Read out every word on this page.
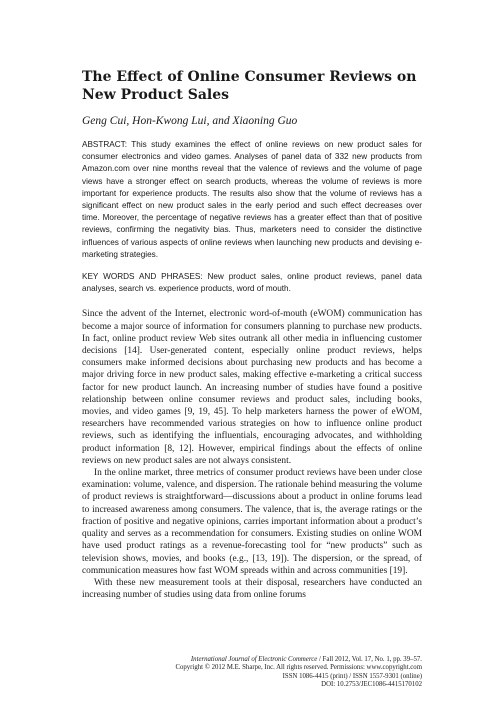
The Effect of Online Consumer Reviews on New Product Sales
Geng Cui, Hon-Kwong Lui, and Xiaoning Guo

ABSTRACT: This study examines the effect of online reviews on new product sales for consumer electronics and video games. Analyses of panel data of 332 new products from Amazon.com over nine months reveal that the valence of reviews and the volume of page views have a stronger effect on search products, whereas the volume of reviews is more important for experience products. The results also show that the volume of reviews has a significant effect on new product sales in the early period and such effect decreases over time. Moreover, the percentage of negative reviews has a greater effect than that of positive reviews, confirming the negativity bias. Thus, marketers need to consider the distinctive influences of various aspects of online reviews when launching new products and devising e-marketing strategies.

KEY WORDS AND PHRASES: New product sales, online product reviews, panel data analyses, search vs. experience products, word of mouth.

Since the advent of the Internet, electronic word-of-mouth (eWOM) communication has become a major source of information for consumers planning to purchase new products. In fact, online product review Web sites outrank all other media in influencing customer decisions [14]. User-generated content, especially online product reviews, helps consumers make informed decisions about purchasing new products and has become a major driving force in new product sales, making effective e-marketing a critical success factor for new product launch. An increasing number of studies have found a positive relationship between online consumer reviews and product sales, including books, movies, and video games [9, 19, 45]. To help marketers harness the power of eWOM, researchers have recommended various strategies on how to influence online product reviews, such as identifying the influentials, encouraging advocates, and withholding product information [8, 12]. However, empirical findings about the effects of online reviews on new product sales are not always consistent.

In the online market, three metrics of consumer product reviews have been under close examination: volume, valence, and dispersion. The rationale behind measuring the volume of product reviews is straightforward—discussions about a product in online forums lead to increased awareness among consumers. The valence, that is, the average ratings or the fraction of positive and negative opinions, carries important information about a product’s quality and serves as a recommendation for consumers. Existing studies on online WOM have used product ratings as a revenue-forecasting tool for “new products” such as television shows, movies, and books (e.g., [13, 19]). The dispersion, or the spread, of communication measures how fast WOM spreads within and across communities [19].

With these new measurement tools at their disposal, researchers have conducted an increasing number of studies using data from online forums

International Journal of Electronic Commerce / Fall 2012, Vol. 17, No. 1, pp. 39–57.
Copyright © 2012 M.E. Sharpe, Inc. All rights reserved. Permissions: www.copyright.com
ISSN 1086-4415 (print) / ISSN 1557-9301 (online)
DOI: 10.2753/JEC1086-4415170102
